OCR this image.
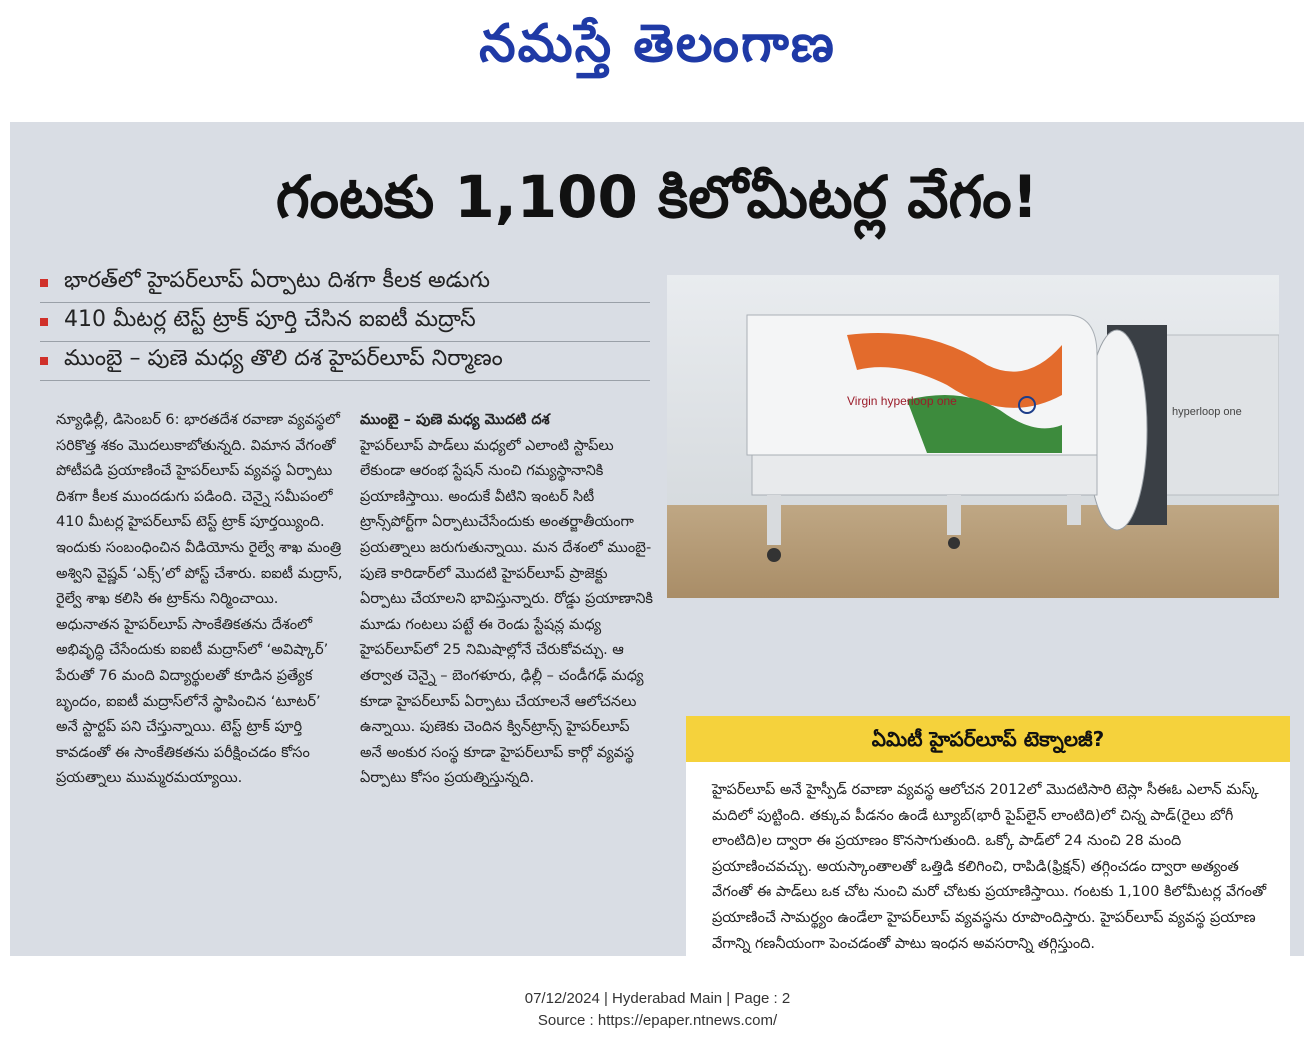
నమస్తే తెలంగాణ
గంటకు 1,100 కిలోమీటర్ల వేగం!
భారత్‌లో హైపర్‌లూప్ ఏర్పాటు దిశగా కీలక అడుగు
410 మీటర్ల టెస్ట్ ట్రాక్ పూర్తి చేసిన ఐఐటీ మద్రాస్
ముంబై – పుణె మధ్య తొలి దశ హైపర్‌లూప్ నిర్మాణం
న్యూఢిల్లీ, డిసెంబర్ 6: భారతదేశ రవాణా వ్యవస్థలో సరికొత్త శకం మొదలుకాబోతున్నది. విమాన వేగంతో పోటీపడి ప్రయాణించే హైపర్‌లూప్ వ్యవస్థ ఏర్పాటు దిశగా కీలక ముందడుగు పడింది. చెన్నై సమీపంలో 410 మీటర్ల హైపర్‌లూప్ టెస్ట్ ట్రాక్ పూర్తయ్యింది. ఇందుకు సంబంధించిన వీడియోను రైల్వే శాఖ మంత్రి అశ్విని వైష్ణవ్ ‘ఎక్స్’లో పోస్ట్ చేశారు. ఐఐటీ మద్రాస్, రైల్వే శాఖ కలిసి ఈ ట్రాక్‌ను నిర్మించాయి. అధునాతన హైపర్‌లూప్ సాంకేతికతను దేశంలో అభివృద్ధి చేసేందుకు ఐఐటీ మద్రాస్‌లో ‘అవిష్కార్’ పేరుతో 76 మంది విద్యార్థులతో కూడిన ప్రత్యేక బృందం, ఐఐటీ మద్రాస్‌లోనే స్థాపించిన ‘టూటర్’ అనే స్టార్టప్ పని చేస్తున్నాయి. టెస్ట్ ట్రాక్ పూర్తి కావడంతో ఈ సాంకేతికతను పరీక్షించడం కోసం ప్రయత్నాలు ముమ్మరమయ్యాయి.
ముంబై – పుణె మధ్య మొదటి దశ
హైపర్‌లూప్ పాడ్‌లు మధ్యలో ఎలాంటి స్టాప్‌లు లేకుండా ఆరంభ స్టేషన్ నుంచి గమ్యస్థానానికి ప్రయాణిస్తాయి. అందుకే వీటిని ఇంటర్ సిటీ ట్రాన్స్‌పోర్ట్‌గా ఏర్పాటుచేసేందుకు అంతర్జాతీయంగా ప్రయత్నాలు జరుగుతున్నాయి. మన దేశంలో ముంబై-పుణె కారిడార్‌లో మొదటి హైపర్‌లూప్ ప్రాజెక్టు ఏర్పాటు చేయాలని భావిస్తున్నారు. రోడ్డు ప్రయాణానికి మూడు గంటలు పట్టే ఈ రెండు స్టేషన్ల మధ్య హైపర్‌లూప్‌లో 25 నిమిషాల్లోనే చేరుకోవచ్చు. ఆ తర్వాత చెన్నై – బెంగళూరు, ఢిల్లీ – చండీగఢ్ మధ్య కూడా హైపర్‌లూప్ ఏర్పాటు చేయాలనే ఆలోచనలు ఉన్నాయి. పుణెకు చెందిన క్విన్‌ట్రాన్స్ హైపర్‌లూప్ అనే అంకుర సంస్థ కూడా హైపర్‌లూప్ కార్గో వ్యవస్థ ఏర్పాటు కోసం ప్రయత్నిస్తున్నది.
Virgin hyperloop one
hyperloop one
ఏమిటీ హైపర్‌లూప్ టెక్నాలజీ?
హైపర్‌లూప్ అనే హైస్పీడ్ రవాణా వ్యవస్థ ఆలోచన 2012లో మొదటిసారి టెస్లా సీఈఓ ఎలాన్ మస్క్ మదిలో పుట్టింది. తక్కువ పీడనం ఉండే ట్యూబ్(భారీ పైప్‌లైన్ లాంటిది)లో చిన్న పాడ్(రైలు బోగీ లాంటిది)ల ద్వారా ఈ ప్రయాణం కొనసాగుతుంది. ఒక్కో పాడ్‌లో 24 నుంచి 28 మంది ప్రయాణించవచ్చు. అయస్కాంతాలతో ఒత్తిడి కలిగించి, రాపిడి(ఫ్రిక్షన్) తగ్గించడం ద్వారా అత్యంత వేగంతో ఈ పాడ్‌లు ఒక చోట నుంచి మరో చోటకు ప్రయాణిస్తాయి. గంటకు 1,100 కిలోమీటర్ల వేగంతో ప్రయాణించే సామర్థ్యం ఉండేలా హైపర్‌లూప్ వ్యవస్థను రూపొందిస్తారు. హైపర్‌లూప్ వ్యవస్థ ప్రయాణ వేగాన్ని గణనీయంగా పెంచడంతో పాటు ఇంధన అవసరాన్ని తగ్గిస్తుంది.
07/12/2024 | Hyderabad Main | Page : 2
Source : https://epaper.ntnews.com/
